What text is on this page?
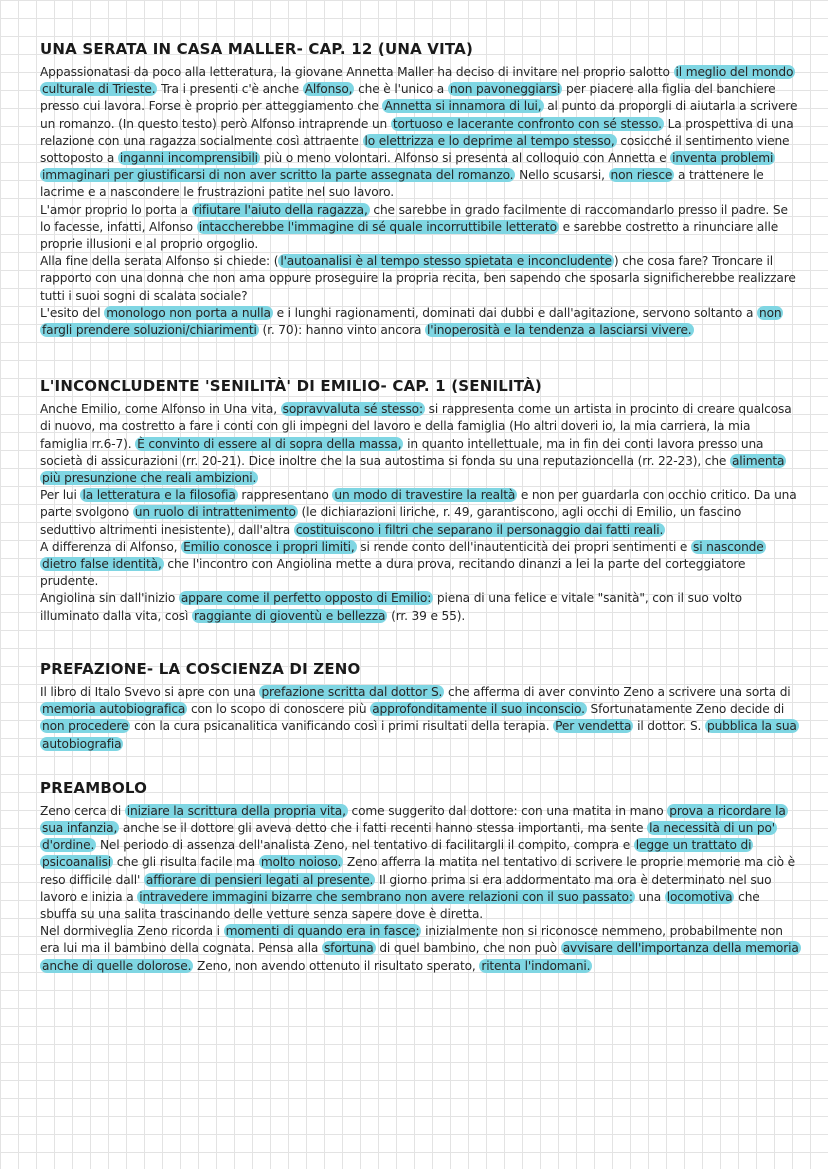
UNA SERATA IN CASA MALLER- CAP. 12 (UNA VITA)

Appassionatasi da poco alla letteratura, la giovane Annetta Maller ha deciso di invitare nel proprio salotto il meglio del mondo culturale di Trieste. Tra i presenti c'è anche Alfonso, che è l'unico a non pavoneggiarsi per piacere alla figlia del banchiere presso cui lavora. Forse è proprio per atteggiamento che Annetta si innamora di lui, al punto da proporgli di aiutarla a scrivere un romanzo. (In questo testo) però Alfonso intraprende un tortuoso e lacerante confronto con sé stesso. La prospettiva di una relazione con una ragazza socialmente così attraente lo elettrizza e lo deprime al tempo stesso, cosicché il sentimento viene sottoposto a inganni incomprensibili più o meno volontari. Alfonso si presenta al colloquio con Annetta e inventa problemi immaginari per giustificarsi di non aver scritto la parte assegnata del romanzo. Nello scusarsi, non riesce a trattenere le lacrime e a nascondere le frustrazioni patite nel suo lavoro.

L'amor proprio lo porta a rifiutare l'aiuto della ragazza, che sarebbe in grado facilmente di raccomandarlo presso il padre. Se lo facesse, infatti, Alfonso intaccherebbe l'immagine di sé quale incorruttibile letterato e sarebbe costretto a rinunciare alle proprie illusioni e al proprio orgoglio.

Alla fine della serata Alfonso si chiede: ( l'autoanalisi è al tempo stesso spietata e inconcludente ) che cosa fare? Troncare il rapporto con una donna che non ama oppure proseguire la propria recita, ben sapendo che sposarla significherebbe realizzare tutti i suoi sogni di scalata sociale?

L'esito del monologo non porta a nulla e i lunghi ragionamenti, dominati dai dubbi e dall'agitazione, servono soltanto a non fargli prendere soluzioni/chiarimenti (r. 70): hanno vinto ancora l'inoperosità e la tendenza a lasciarsi vivere.

L'INCONCLUDENTE 'SENILITÀ' DI EMILIO- CAP. 1 (SENILITÀ)

Anche Emilio, come Alfonso in Una vita, sopravvaluta sé stesso: si rappresenta come un artista in procinto di creare qualcosa di nuovo, ma costretto a fare i conti con gli impegni del lavoro e della famiglia (Ho altri doveri io, la mia carriera, la mia famiglia rr.6-7). È convinto di essere al di sopra della massa, in quanto intellettuale, ma in fin dei conti lavora presso una società di assicurazioni (rr. 20-21). Dice inoltre che la sua autostima si fonda su una reputazioncella (rr. 22-23), che alimenta più presunzione che reali ambizioni.

Per lui la letteratura e la filosofia rappresentano un modo di travestire la realtà e non per guardarla con occhio critico. Da una parte svolgono un ruolo di intrattenimento (le dichiarazioni liriche, r. 49, garantiscono, agli occhi di Emilio, un fascino seduttivo altrimenti inesistente), dall'altra costituiscono i filtri che separano il personaggio dai fatti reali.

A differenza di Alfonso, Emilio conosce i propri limiti, si rende conto dell'inautenticità dei propri sentimenti e si nasconde dietro false identità, che l'incontro con Angiolina mette a dura prova, recitando dinanzi a lei la parte del corteggiatore prudente.

Angiolina sin dall'inizio appare come il perfetto opposto di Emilio: piena di una felice e vitale "sanità", con il suo volto illuminato dalla vita, così raggiante di gioventù e bellezza (rr. 39 e 55).

PREFAZIONE- LA COSCIENZA DI ZENO

Il libro di Italo Svevo si apre con una prefazione scritta dal dottor S. che afferma di aver convinto Zeno a scrivere una sorta di memoria autobiografica con lo scopo di conoscere più approfonditamente il suo inconscio. Sfortunatamente Zeno decide di non procedere con la cura psicanalitica vanificando così i primi risultati della terapia. Per vendetta il dottor. S. pubblica la sua autobiografia

PREAMBOLO

Zeno cerca di iniziare la scrittura della propria vita, come suggerito dal dottore: con una matita in mano prova a ricordare la sua infanzia, anche se il dottore gli aveva detto che i fatti recenti hanno stessa importanti, ma sente la necessità di un po' d'ordine. Nel periodo di assenza dell'analista Zeno, nel tentativo di facilitargli il compito, compra e legge un trattato di psicoanalisi che gli risulta facile ma molto noioso. Zeno afferra la matita nel tentativo di scrivere le proprie memorie ma ciò è reso difficile dall' affiorare di pensieri legati al presente. Il giorno prima si era addormentato ma ora è determinato nel suo lavoro e inizia a intravedere immagini bizarre che sembrano non avere relazioni con il suo passato: una locomotiva che sbuffa su una salita trascinando delle vetture senza sapere dove è diretta.

Nel dormiveglia Zeno ricorda i momenti di quando era in fasce; inizialmente non si riconosce nemmeno, probabilmente non era lui ma il bambino della cognata. Pensa alla sfortuna di quel bambino, che non può avvisare dell'importanza della memoria anche di quelle dolorose. Zeno, non avendo ottenuto il risultato sperato, ritenta l'indomani.
